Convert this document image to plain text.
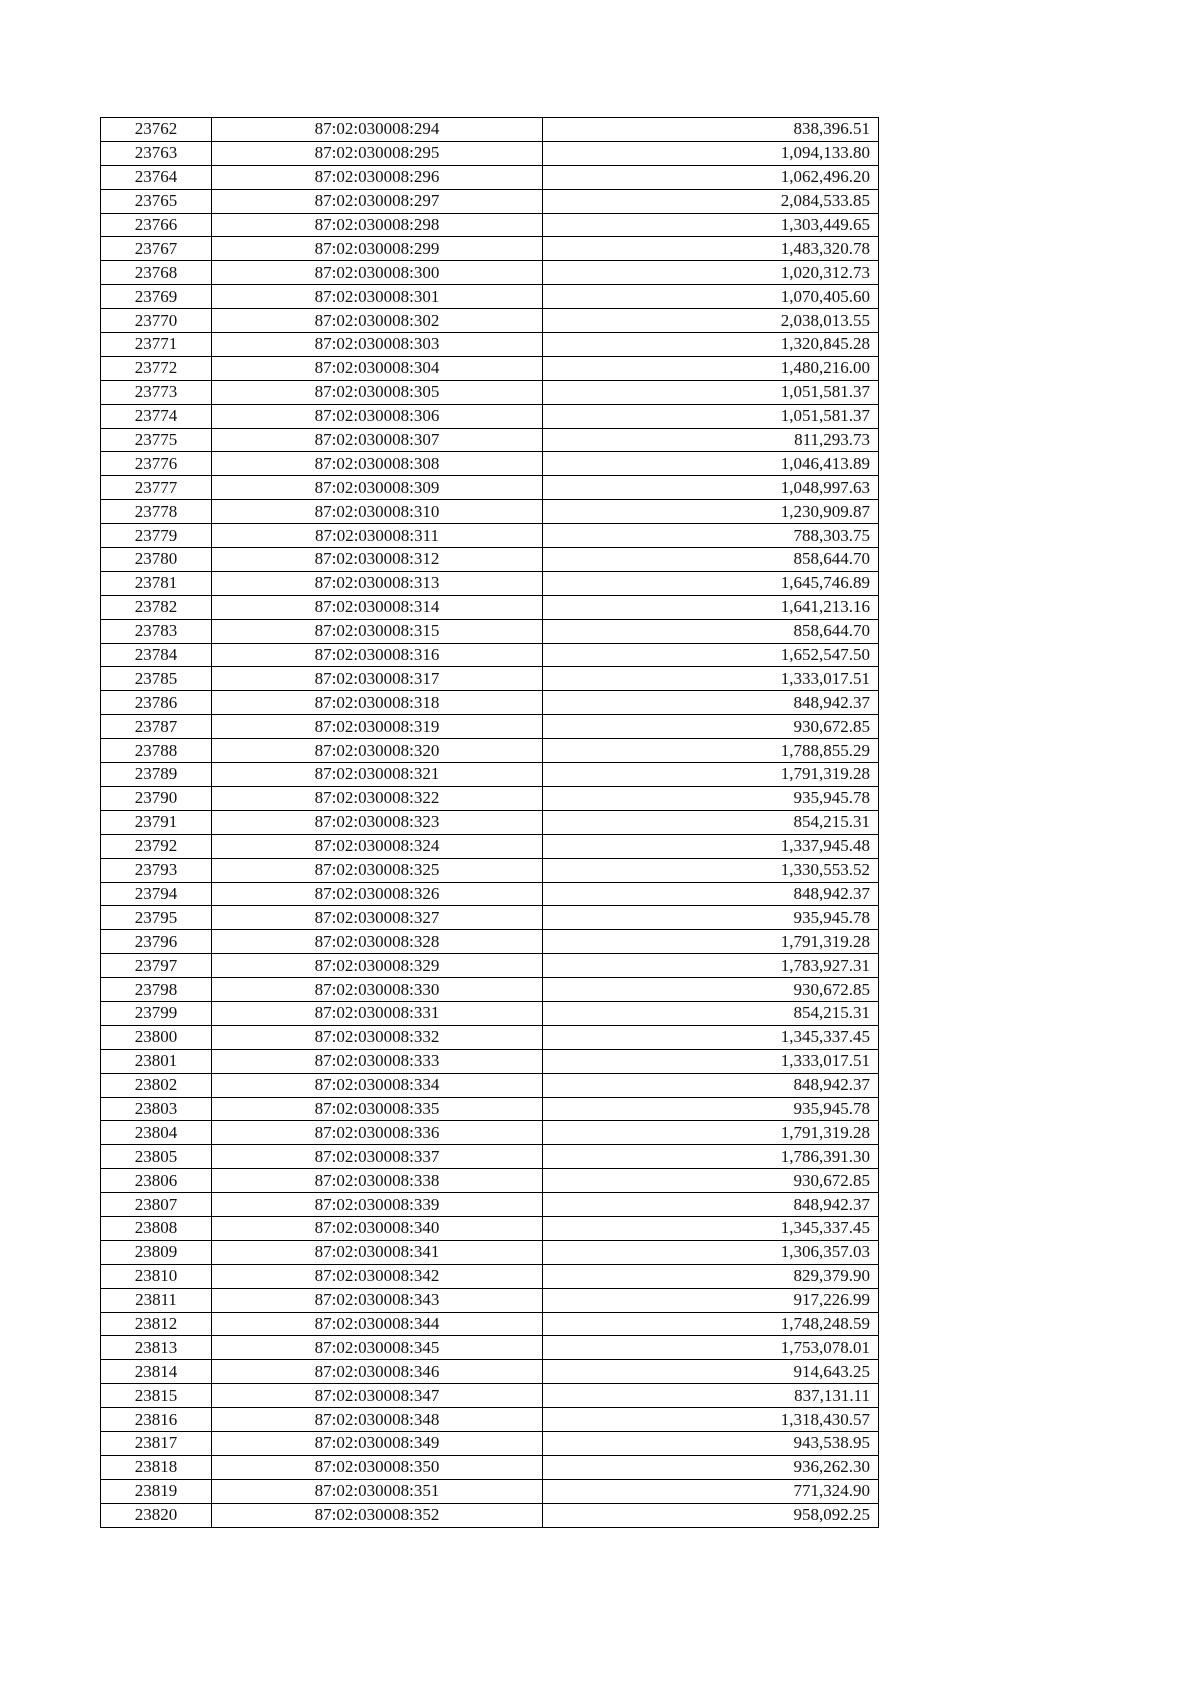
23762	87:02:030008:294	838,396.51
23763	87:02:030008:295	1,094,133.80
23764	87:02:030008:296	1,062,496.20
23765	87:02:030008:297	2,084,533.85
23766	87:02:030008:298	1,303,449.65
23767	87:02:030008:299	1,483,320.78
23768	87:02:030008:300	1,020,312.73
23769	87:02:030008:301	1,070,405.60
23770	87:02:030008:302	2,038,013.55
23771	87:02:030008:303	1,320,845.28
23772	87:02:030008:304	1,480,216.00
23773	87:02:030008:305	1,051,581.37
23774	87:02:030008:306	1,051,581.37
23775	87:02:030008:307	811,293.73
23776	87:02:030008:308	1,046,413.89
23777	87:02:030008:309	1,048,997.63
23778	87:02:030008:310	1,230,909.87
23779	87:02:030008:311	788,303.75
23780	87:02:030008:312	858,644.70
23781	87:02:030008:313	1,645,746.89
23782	87:02:030008:314	1,641,213.16
23783	87:02:030008:315	858,644.70
23784	87:02:030008:316	1,652,547.50
23785	87:02:030008:317	1,333,017.51
23786	87:02:030008:318	848,942.37
23787	87:02:030008:319	930,672.85
23788	87:02:030008:320	1,788,855.29
23789	87:02:030008:321	1,791,319.28
23790	87:02:030008:322	935,945.78
23791	87:02:030008:323	854,215.31
23792	87:02:030008:324	1,337,945.48
23793	87:02:030008:325	1,330,553.52
23794	87:02:030008:326	848,942.37
23795	87:02:030008:327	935,945.78
23796	87:02:030008:328	1,791,319.28
23797	87:02:030008:329	1,783,927.31
23798	87:02:030008:330	930,672.85
23799	87:02:030008:331	854,215.31
23800	87:02:030008:332	1,345,337.45
23801	87:02:030008:333	1,333,017.51
23802	87:02:030008:334	848,942.37
23803	87:02:030008:335	935,945.78
23804	87:02:030008:336	1,791,319.28
23805	87:02:030008:337	1,786,391.30
23806	87:02:030008:338	930,672.85
23807	87:02:030008:339	848,942.37
23808	87:02:030008:340	1,345,337.45
23809	87:02:030008:341	1,306,357.03
23810	87:02:030008:342	829,379.90
23811	87:02:030008:343	917,226.99
23812	87:02:030008:344	1,748,248.59
23813	87:02:030008:345	1,753,078.01
23814	87:02:030008:346	914,643.25
23815	87:02:030008:347	837,131.11
23816	87:02:030008:348	1,318,430.57
23817	87:02:030008:349	943,538.95
23818	87:02:030008:350	936,262.30
23819	87:02:030008:351	771,324.90
23820	87:02:030008:352	958,092.25
